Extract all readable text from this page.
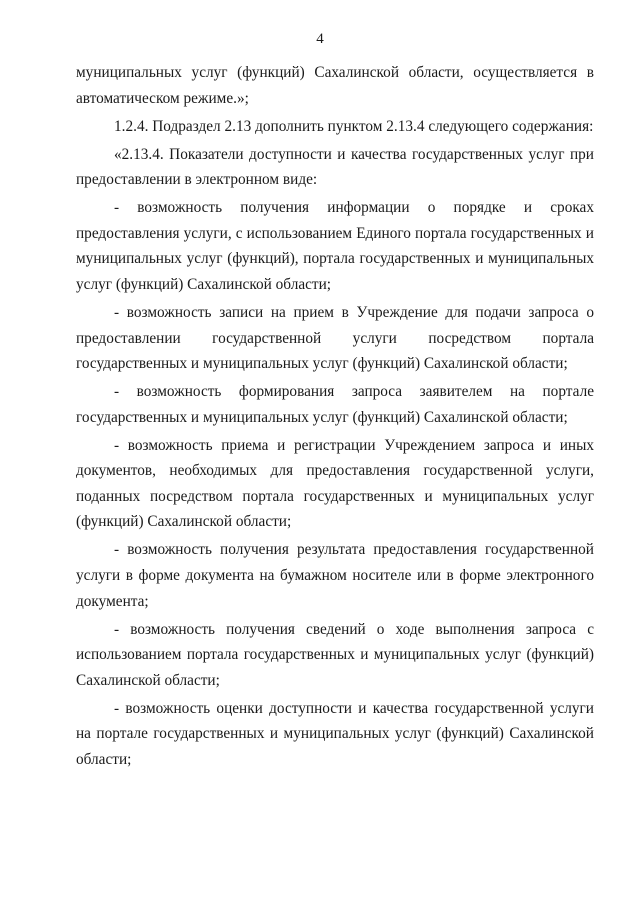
4

муниципальных услуг (функций) Сахалинской области, осуществляется в автоматическом режиме.»;

1.2.4. Подраздел 2.13 дополнить пунктом 2.13.4 следующего содержания:

«2.13.4. Показатели доступности и качества государственных услуг при предоставлении в электронном виде:

- возможность получения информации о порядке и сроках предоставления услуги, с использованием Единого портала государственных и муниципальных услуг (функций), портала государственных и муниципальных услуг (функций) Сахалинской области;

- возможность записи на прием в Учреждение для подачи запроса о предоставлении государственной услуги посредством портала государственных и муниципальных услуг (функций) Сахалинской области;

- возможность формирования запроса заявителем на портале государственных и муниципальных услуг (функций) Сахалинской области;

- возможность приема и регистрации Учреждением запроса и иных документов, необходимых для предоставления государственной услуги, поданных посредством портала государственных и муниципальных услуг (функций) Сахалинской области;

- возможность получения результата предоставления государственной услуги в форме документа на бумажном носителе или в форме электронного документа;

- возможность получения сведений о ходе выполнения запроса с использованием портала государственных и муниципальных услуг (функций) Сахалинской области;

- возможность оценки доступности и качества государственной услуги на портале государственных и муниципальных услуг (функций) Сахалинской области;
